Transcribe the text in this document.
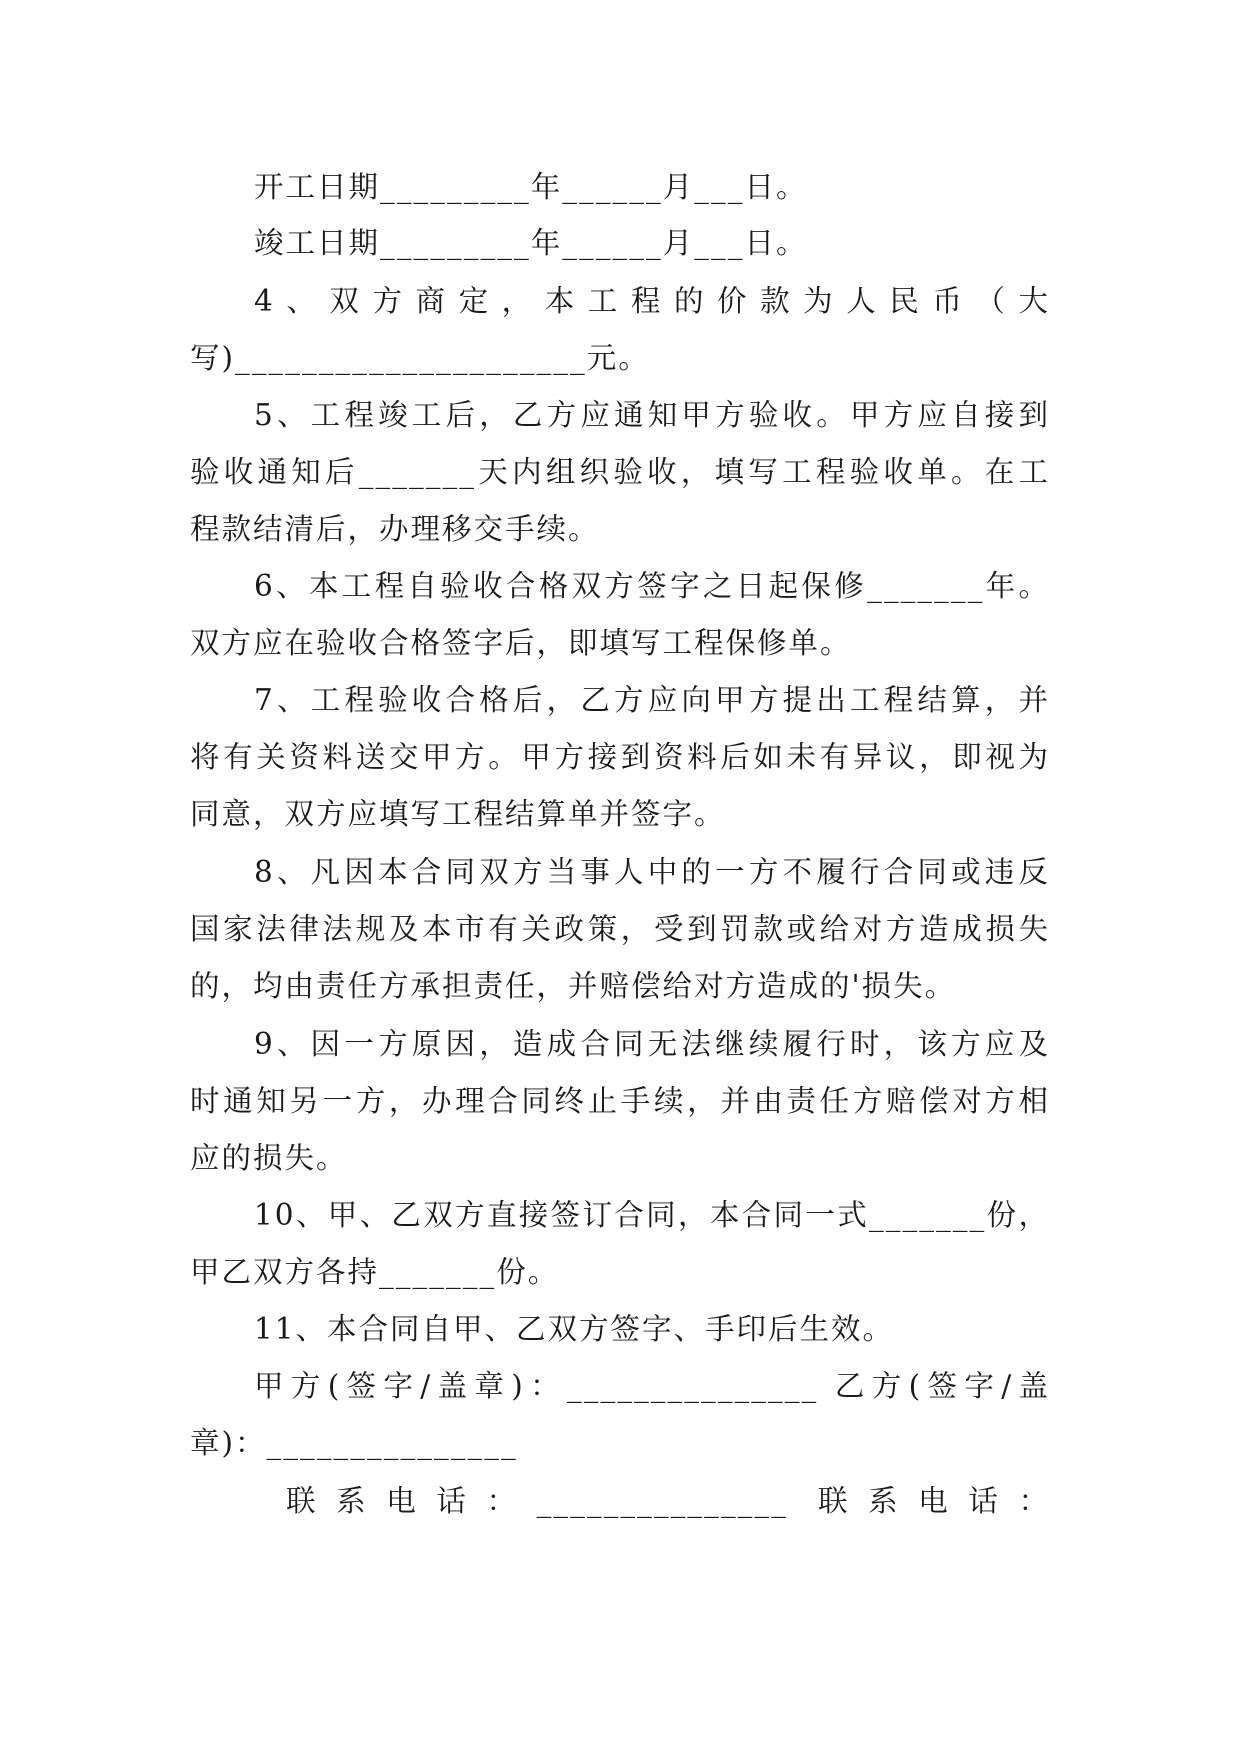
开工日期_________年______月___日。

竣工日期_________年______月___日。

4、双方商定，本工程的价款为人民币（大

写)_____________________元。

5、工程竣工后，乙方应通知甲方验收。甲方应自接到

验收通知后_______天内组织验收，填写工程验收单。在工

程款结清后，办理移交手续。

6、本工程自验收合格双方签字之日起保修_______年。

双方应在验收合格签字后，即填写工程保修单。

7、工程验收合格后，乙方应向甲方提出工程结算，并

将有关资料送交甲方。甲方接到资料后如未有异议，即视为

同意，双方应填写工程结算单并签字。

8、凡因本合同双方当事人中的一方不履行合同或违反

国家法律法规及本市有关政策，受到罚款或给对方造成损失

的，均由责任方承担责任，并赔偿给对方造成的'损失。

9、因一方原因，造成合同无法继续履行时，该方应及

时通知另一方，办理合同终止手续，并由责任方赔偿对方相

应的损失。

10、甲、乙双方直接签订合同，本合同一式_______份，

甲乙双方各持_______份。

11、本合同自甲、乙双方签字、手印后生效。

甲方(签字/盖章)：_______________ 乙方(签字/盖

章)：_______________

联系电话：_______________ 联系电话：
